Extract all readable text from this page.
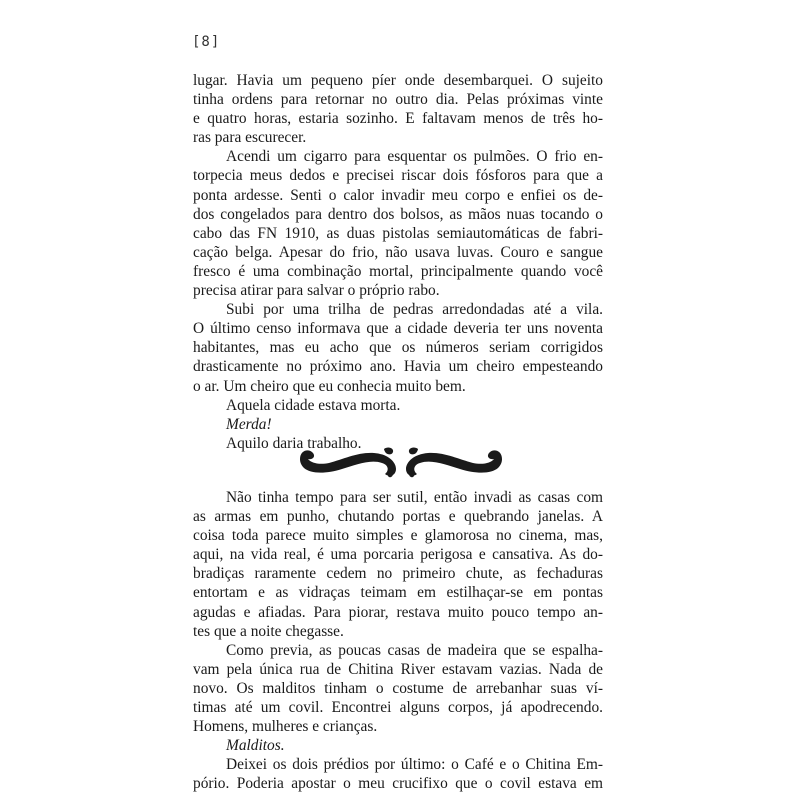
[8]
lugar. Havia um pequeno píer onde desembarquei. O sujeito
tinha ordens para retornar no outro dia. Pelas próximas vinte
e quatro horas, estaria sozinho. E faltavam menos de três ho-
ras para escurecer.
Acendi um cigarro para esquentar os pulmões. O frio en-
torpecia meus dedos e precisei riscar dois fósforos para que a
ponta ardesse. Senti o calor invadir meu corpo e enfiei os de-
dos congelados para dentro dos bolsos, as mãos nuas tocando o
cabo das FN 1910, as duas pistolas semiautomáticas de fabri-
cação belga. Apesar do frio, não usava luvas. Couro e sangue
fresco é uma combinação mortal, principalmente quando você
precisa atirar para salvar o próprio rabo.
Subi por uma trilha de pedras arredondadas até a vila.
O último censo informava que a cidade deveria ter uns noventa
habitantes, mas eu acho que os números seriam corrigidos
drasticamente no próximo ano. Havia um cheiro empesteando
o ar. Um cheiro que eu conhecia muito bem.
Aquela cidade estava morta.
Merda!
Aquilo daria trabalho.
Não tinha tempo para ser sutil, então invadi as casas com
as armas em punho, chutando portas e quebrando janelas. A
coisa toda parece muito simples e glamorosa no cinema, mas,
aqui, na vida real, é uma porcaria perigosa e cansativa. As do-
bradiças raramente cedem no primeiro chute, as fechaduras
entortam e as vidraças teimam em estilhaçar-se em pontas
agudas e afiadas. Para piorar, restava muito pouco tempo an-
tes que a noite chegasse.
Como previa, as poucas casas de madeira que se espalha-
vam pela única rua de Chitina River estavam vazias. Nada de
novo. Os malditos tinham o costume de arrebanhar suas ví-
timas até um covil. Encontrei alguns corpos, já apodrecendo.
Homens, mulheres e crianças.
Malditos.
Deixei os dois prédios por último: o Café e o Chitina Em-
pório. Poderia apostar o meu crucifixo que o covil estava em
